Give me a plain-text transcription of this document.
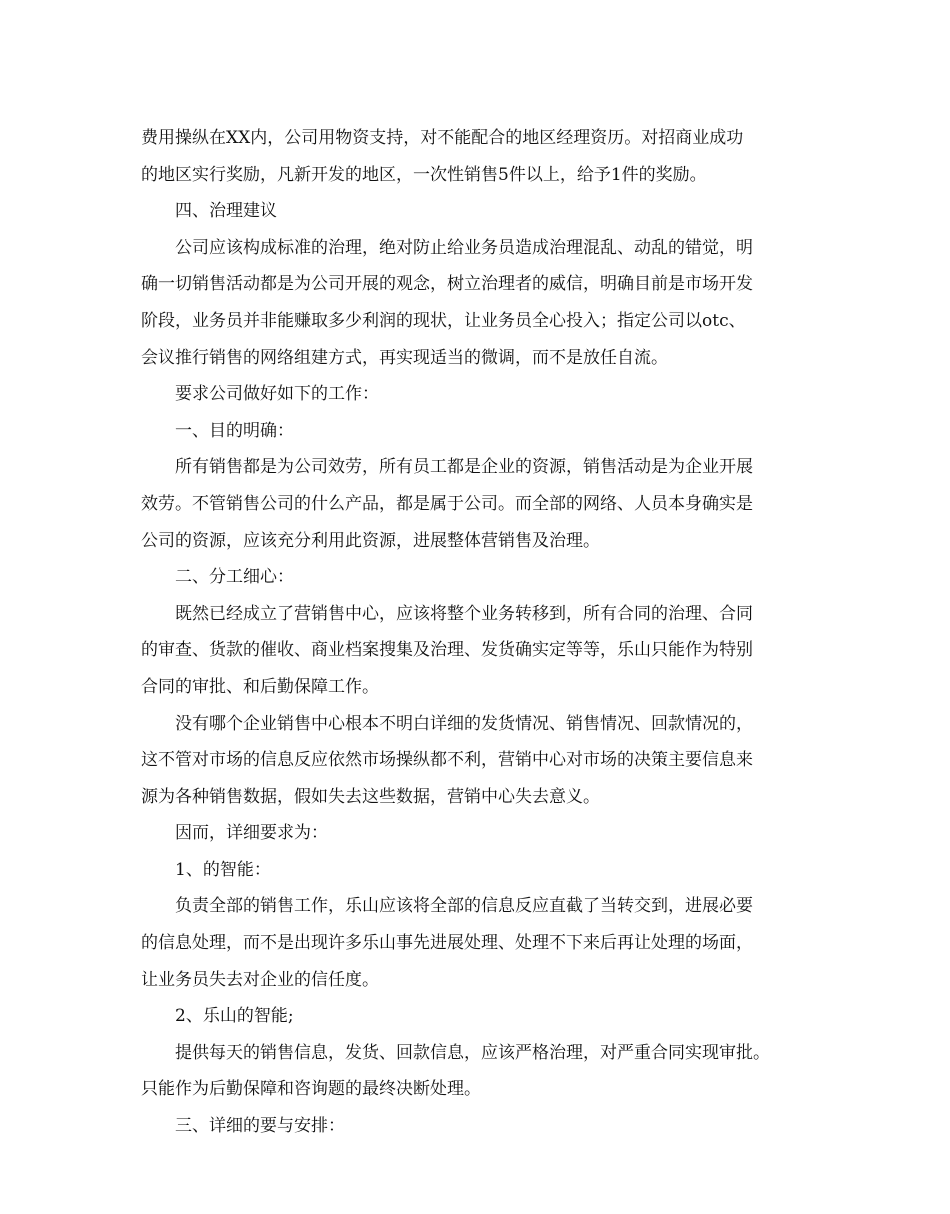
费用操纵在XX内，公司用物资支持，对不能配合的地区经理资历。对招商业成功

的地区实行奖励，凡新开发的地区，一次性销售5件以上，给予1件的奖励。

四、治理建议

公司应该构成标准的治理，绝对防止给业务员造成治理混乱、动乱的错觉，明

确一切销售活动都是为公司开展的观念，树立治理者的威信，明确目前是市场开发

阶段，业务员并非能赚取多少利润的现状，让业务员全心投入；指定公司以otc、

会议推行销售的网络组建方式，再实现适当的微调，而不是放任自流。

要求公司做好如下的工作：

一、目的明确：

所有销售都是为公司效劳，所有员工都是企业的资源，销售活动是为企业开展

效劳。不管销售公司的什么产品，都是属于公司。而全部的网络、人员本身确实是

公司的资源，应该充分利用此资源，进展整体营销售及治理。

二、分工细心：

既然已经成立了营销售中心，应该将整个业务转移到，所有合同的治理、合同

的审查、货款的催收、商业档案搜集及治理、发货确实定等等，乐山只能作为特别

合同的审批、和后勤保障工作。

没有哪个企业销售中心根本不明白详细的发货情况、销售情况、回款情况的，

这不管对市场的信息反应依然市场操纵都不利，营销中心对市场的决策主要信息来

源为各种销售数据，假如失去这些数据，营销中心失去意义。

因而，详细要求为：

1、的智能：

负责全部的销售工作，乐山应该将全部的信息反应直截了当转交到，进展必要

的信息处理，而不是出现许多乐山事先进展处理、处理不下来后再让处理的场面，

让业务员失去对企业的信任度。

2、乐山的智能;

提供每天的销售信息，发货、回款信息，应该严格治理，对严重合同实现审批。

只能作为后勤保障和咨询题的最终决断处理。

三、详细的要与安排：
